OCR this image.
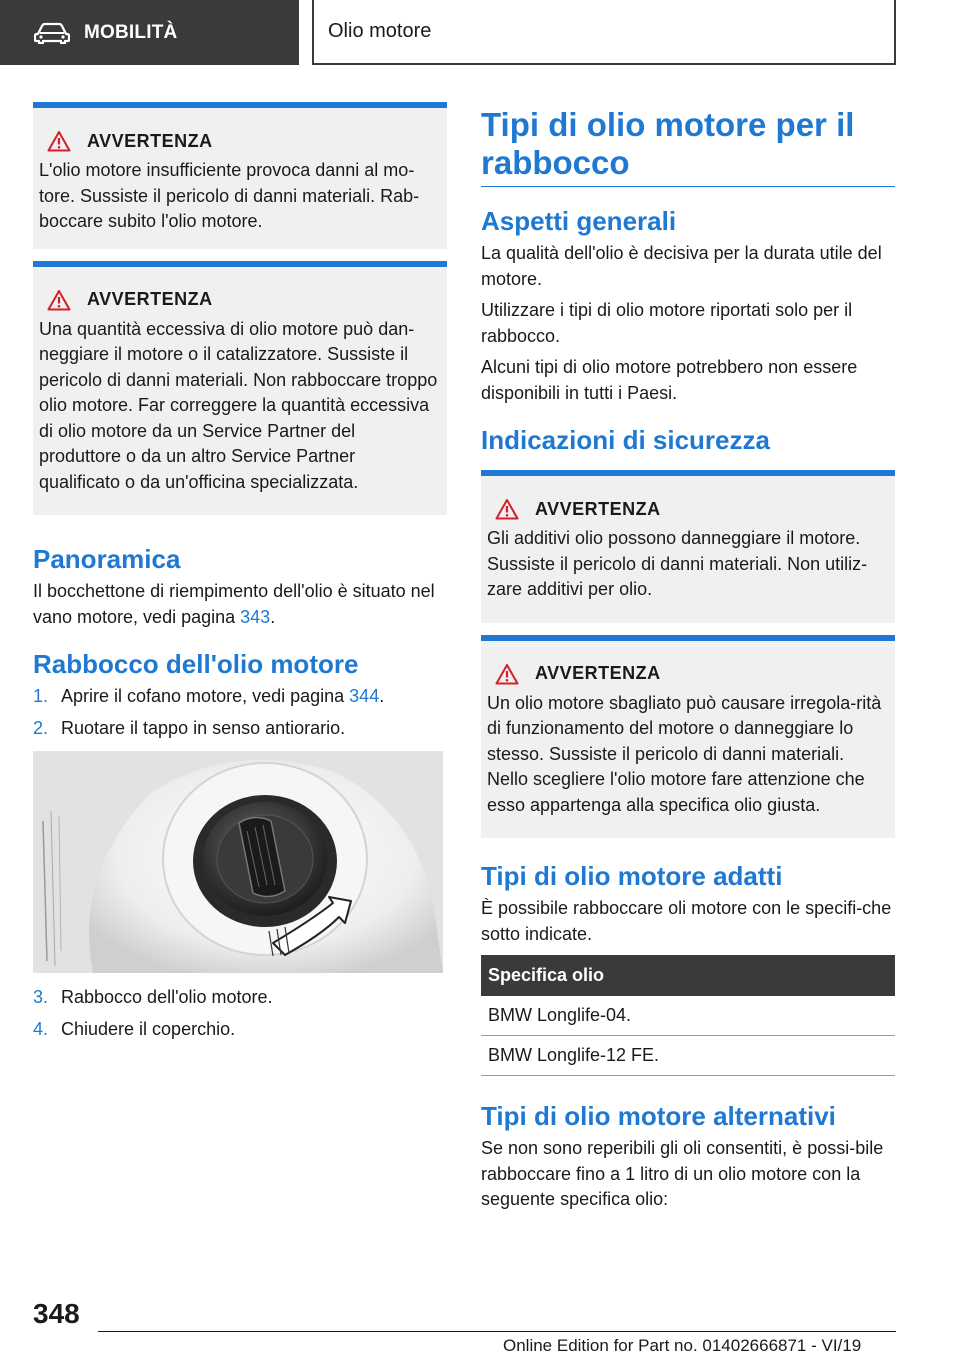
MOBILITÀ	Olio motore
AVVERTENZA

L'olio motore insufficiente provoca danni al mo-tore. Sussiste il pericolo di danni materiali. Rab-boccare subito l'olio motore.

AVVERTENZA

Una quantità eccessiva di olio motore può dan-neggiare il motore o il catalizzatore. Sussiste il pericolo di danni materiali. Non rabboccare troppo olio motore. Far correggere la quantità eccessiva di olio motore da un Service Partner del produttore o da un altro Service Partner qualificato o da un'officina specializzata.

Panoramica

Il bocchettone di riempimento dell'olio è situato nel vano motore, vedi pagina 343.

Rabbocco dell'olio motore
1. Aprire il cofano motore, vedi pagina 344.
2. Ruotare il tappo in senso antiorario.
3. Rabbocco dell'olio motore.
4. Chiudere il coperchio.
Tipi di olio motore per il rabbocco
Aspetti generali

La qualità dell'olio è decisiva per la durata utile del motore.

Utilizzare i tipi di olio motore riportati solo per il rabbocco.

Alcuni tipi di olio motore potrebbero non essere disponibili in tutti i Paesi.

Indicazioni di sicurezza
AVVERTENZA

Gli additivi olio possono danneggiare il motore. Sussiste il pericolo di danni materiali. Non utiliz-zare additivi per olio.

AVVERTENZA

Un olio motore sbagliato può causare irregola-rità di funzionamento del motore o danneggiare lo stesso. Sussiste il pericolo di danni materiali. Nello scegliere l'olio motore fare attenzione che esso appartenga alla specifica olio giusta.

Tipi di olio motore adatti

È possibile rabboccare oli motore con le specifi-che sotto indicate.

Specifica olio
BMW Longlife-04.
BMW Longlife-12 FE.
Tipi di olio motore alternativi

Se non sono reperibili gli oli consentiti, è possi-bile rabboccare fino a 1 litro di un olio motore con la seguente specifica olio:

348
Online Edition for Part no. 01402666871 - VI/19
